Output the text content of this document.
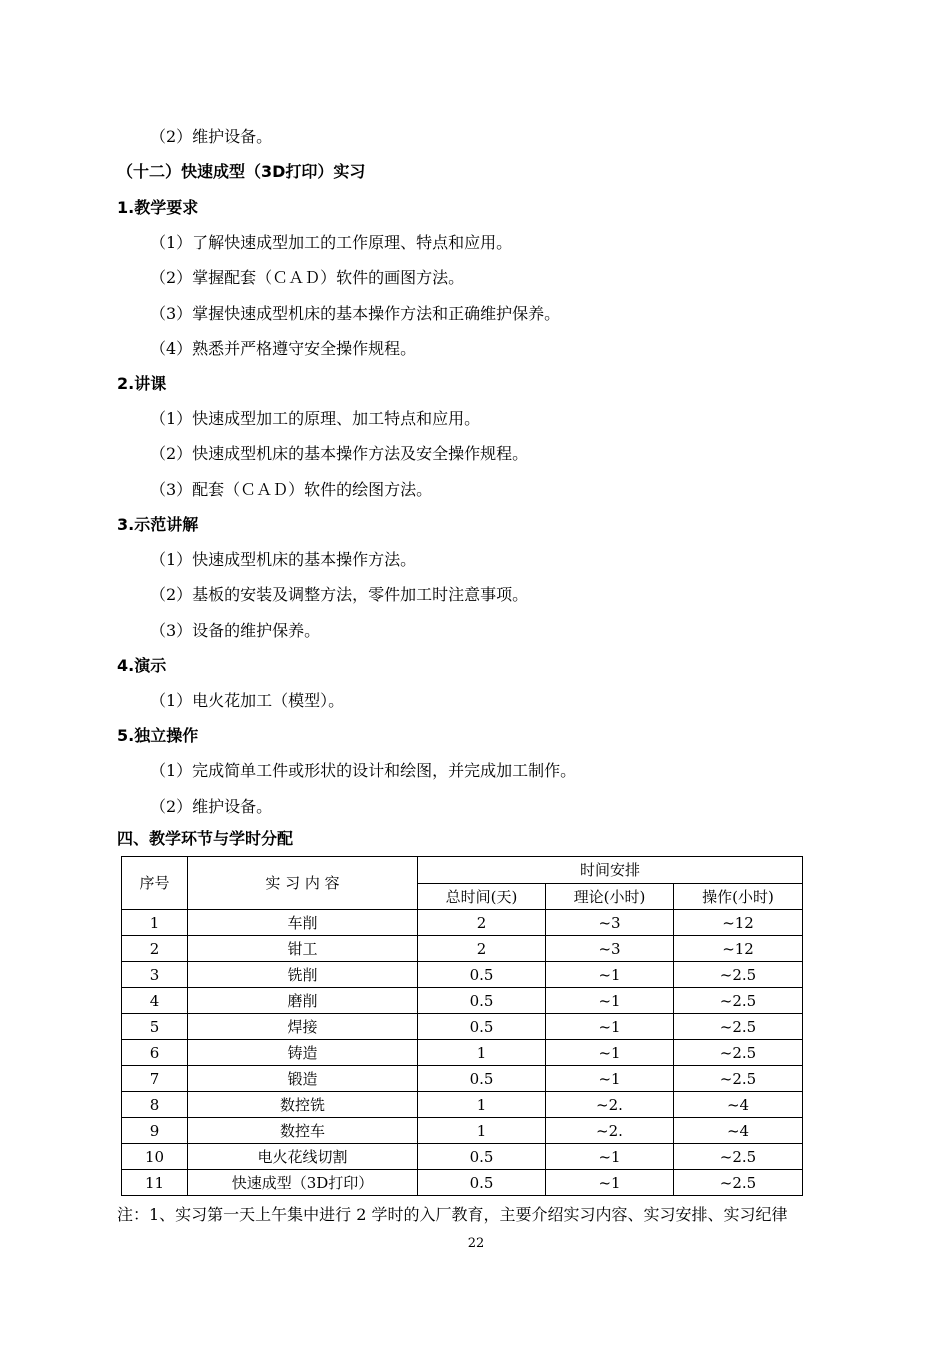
（2）维护设备。
（十二）快速成型（3D打印）实习
1.教学要求
（1）了解快速成型加工的工作原理、特点和应用。
（2）掌握配套（ＣＡＤ）软件的画图方法。
（3）掌握快速成型机床的基本操作方法和正确维护保养。
（4）熟悉并严格遵守安全操作规程。
2.讲课
（1）快速成型加工的原理、加工特点和应用。
（2）快速成型机床的基本操作方法及安全操作规程。
（3）配套（ＣＡＤ）软件的绘图方法。
3.示范讲解
（1）快速成型机床的基本操作方法。
（2）基板的安装及调整方法，零件加工时注意事项。
（3）设备的维护保养。
4.演示
（1）电火花加工（模型）。
5.独立操作
（1）完成简单工件或形状的设计和绘图，并完成加工制作。
（2）维护设备。
四、教学环节与学时分配
序号	实 习 内 容	时间安排		
		总时间(天)	理论(小时)	操作(小时)
1	车削	2	~3	~12
2	钳工	2	~3	~12
3	铣削	0.5	~1	~2.5
4	磨削	0.5	~1	~2.5
5	焊接	0.5	~1	~2.5
6	铸造	1	~1	~2.5
7	锻造	0.5	~1	~2.5
8	数控铣	1	~2.	~4
9	数控车	1	~2.	~4
10	电火花线切割	0.5	~1	~2.5
11	快速成型（3D打印）	0.5	~1	~2.5
注：1、实习第一天上午集中进行 2 学时的入厂教育，主要介绍实习内容、实习安排、实习纪律
22
